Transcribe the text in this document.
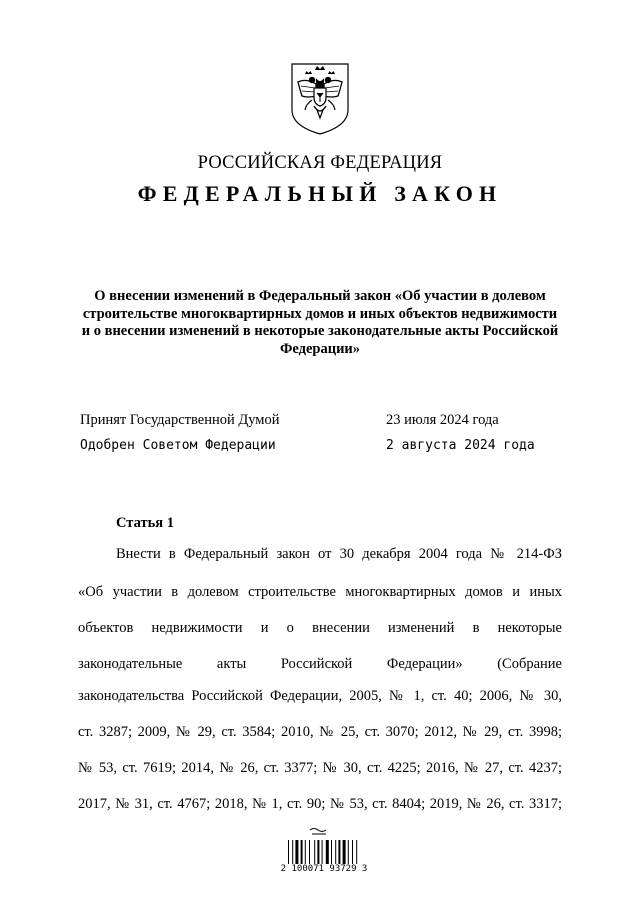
РОССИЙСКАЯ ФЕДЕРАЦИЯ
ФЕДЕРАЛЬНЫЙ ЗАКОН
О внесении изменений в Федеральный закон «Об участии в долевом строительстве многоквартирных домов и иных объектов недвижимости и о внесении изменений в некоторые законодательные акты Российской Федерации»
Принят Государственной Думой	23 июля 2024 года
Одобрен Советом Федерации	2 августа 2024 года
Статья 1
Внести в Федеральный закон от 30 декабря 2004 года № 214-ФЗ
«Об участии в долевом строительстве многоквартирных домов и иных
объектов недвижимости и о внесении изменений в некоторые
законодательные акты Российской Федерации» (Собрание
законодательства Российской Федерации, 2005, № 1, ст. 40; 2006, № 30,
ст. 3287; 2009, № 29, ст. 3584; 2010, № 25, ст. 3070; 2012, № 29, ст. 3998;
№ 53, ст. 7619; 2014, № 26, ст. 3377; № 30, ст. 4225; 2016, № 27, ст. 4237;
2017, № 31, ст. 4767; 2018, № 1, ст. 90; № 53, ст. 8404; 2019, № 26, ст. 3317;
2 100071 93729 3
